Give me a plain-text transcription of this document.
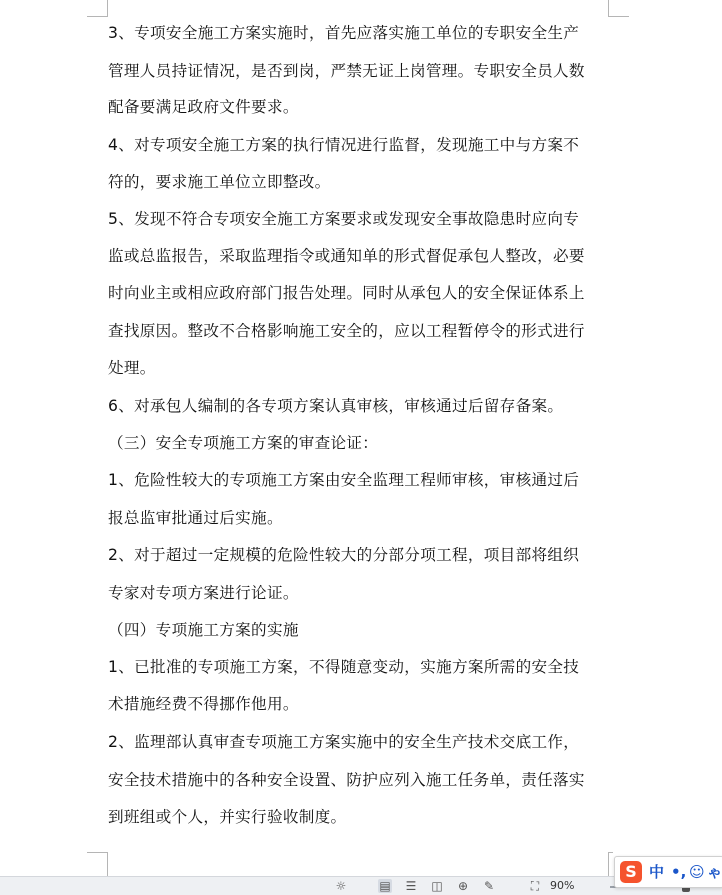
3、专项安全施工方案实施时，首先应落实施工单位的专职安全生产
管理人员持证情况，是否到岗，严禁无证上岗管理。专职安全员人数
配备要满足政府文件要求。
4、对专项安全施工方案的执行情况进行监督，发现施工中与方案不
符的，要求施工单位立即整改。
5、发现不符合专项安全施工方案要求或发现安全事故隐患时应向专
监或总监报告，采取监理指令或通知单的形式督促承包人整改，必要
时向业主或相应政府部门报告处理。同时从承包人的安全保证体系上
查找原因。整改不合格影响施工安全的，应以工程暂停令的形式进行
处理。
6、对承包人编制的各专项方案认真审核，审核通过后留存备案。
（三）安全专项施工方案的审查论证：
1、危险性较大的专项施工方案由安全监理工程师审核，审核通过后
报总监审批通过后实施。
2、对于超过一定规模的危险性较大的分部分项工程，项目部将组织
专家对专项方案进行论证。
（四）专项施工方案的实施
1、已批准的专项施工方案，不得随意变动，实施方案所需的安全技
术措施经费不得挪作他用。
2、监理部认真审查专项施工方案实施中的安全生产技术交底工作，
安全技术措施中的各种安全设置、防护应列入施工任务单，责任落实
到班组或个人，并实行验收制度。
☼	▤ ☰ ◫ ⊕ ✎	⛶ 90%
S 中 •, ☺ ゃ
